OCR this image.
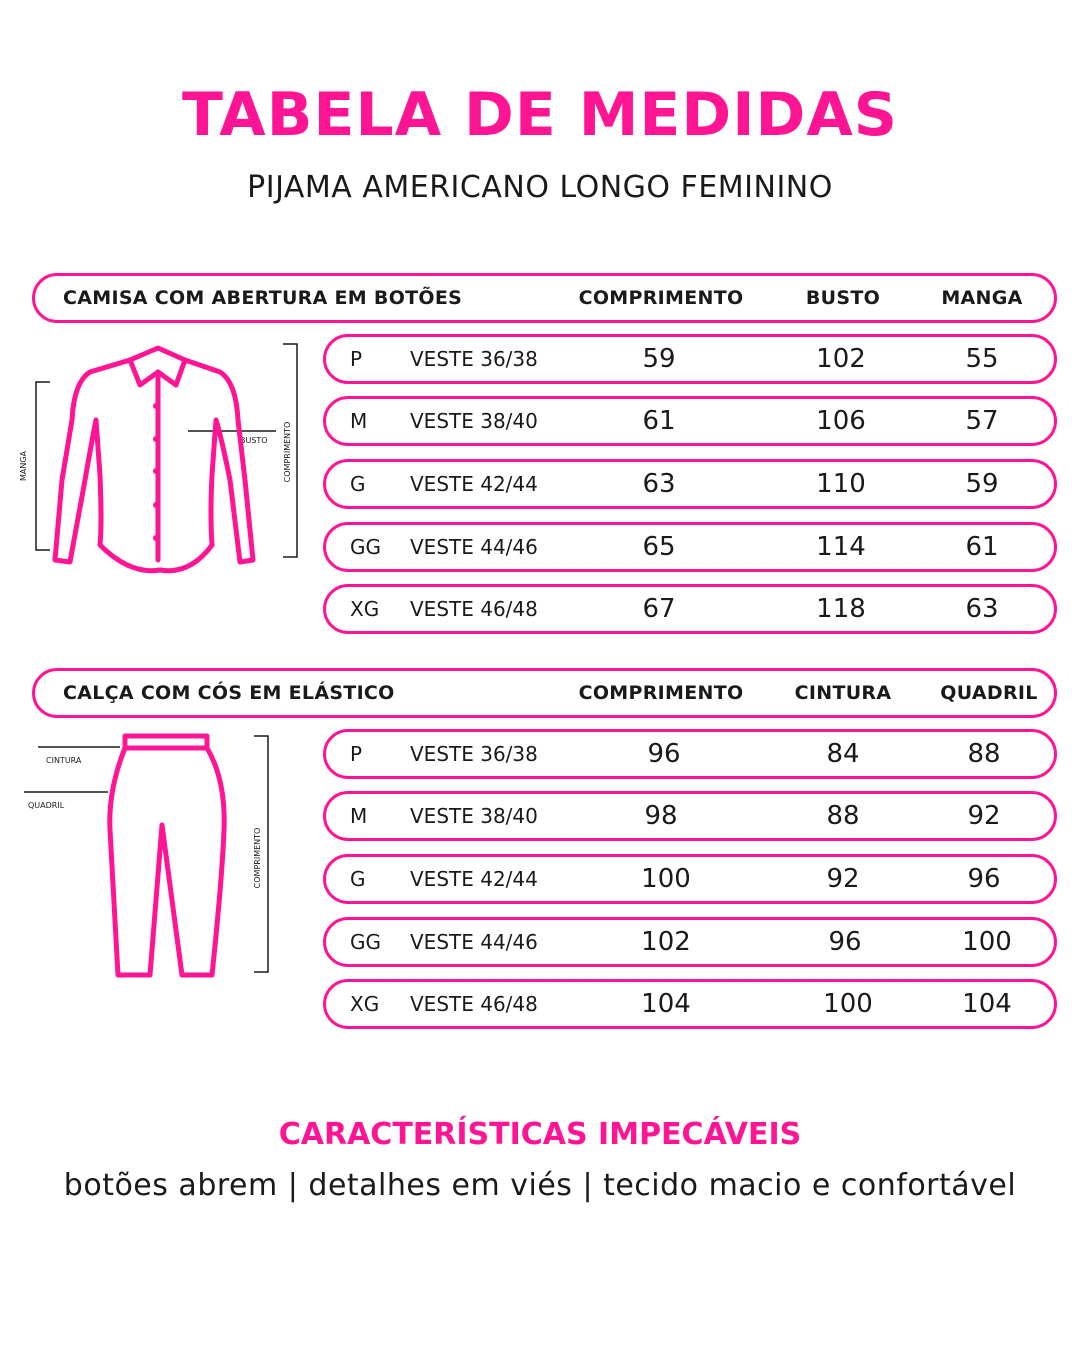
TABELA DE MEDIDAS
PIJAMA AMERICANO LONGO FEMININO
CAMISA COM ABERTURA EM BOTÕES	COMPRIMENTO	BUSTO	MANGA
P VESTE 36/38	59	102	55
M VESTE 38/40	61	106	57
G VESTE 42/44	63	110	59
GG VESTE 44/46	65	114	61
XG VESTE 46/48	67	118	63
MANGA	COMPRIMENTO
BUSTO
CALÇA COM CÓS EM ELÁSTICO	COMPRIMENTO	CINTURA	QUADRIL
P VESTE 36/38	96	84	88
M VESTE 38/40	98	88	92
G VESTE 42/44	100	92	96
GG VESTE 44/46	102	96	100
XG VESTE 46/48	104	100	104
CINTURA
QUADRIL
COMPRIMENTO
CARACTERÍSTICAS IMPECÁVEIS
botões abrem | detalhes em viés | tecido macio e confortável
